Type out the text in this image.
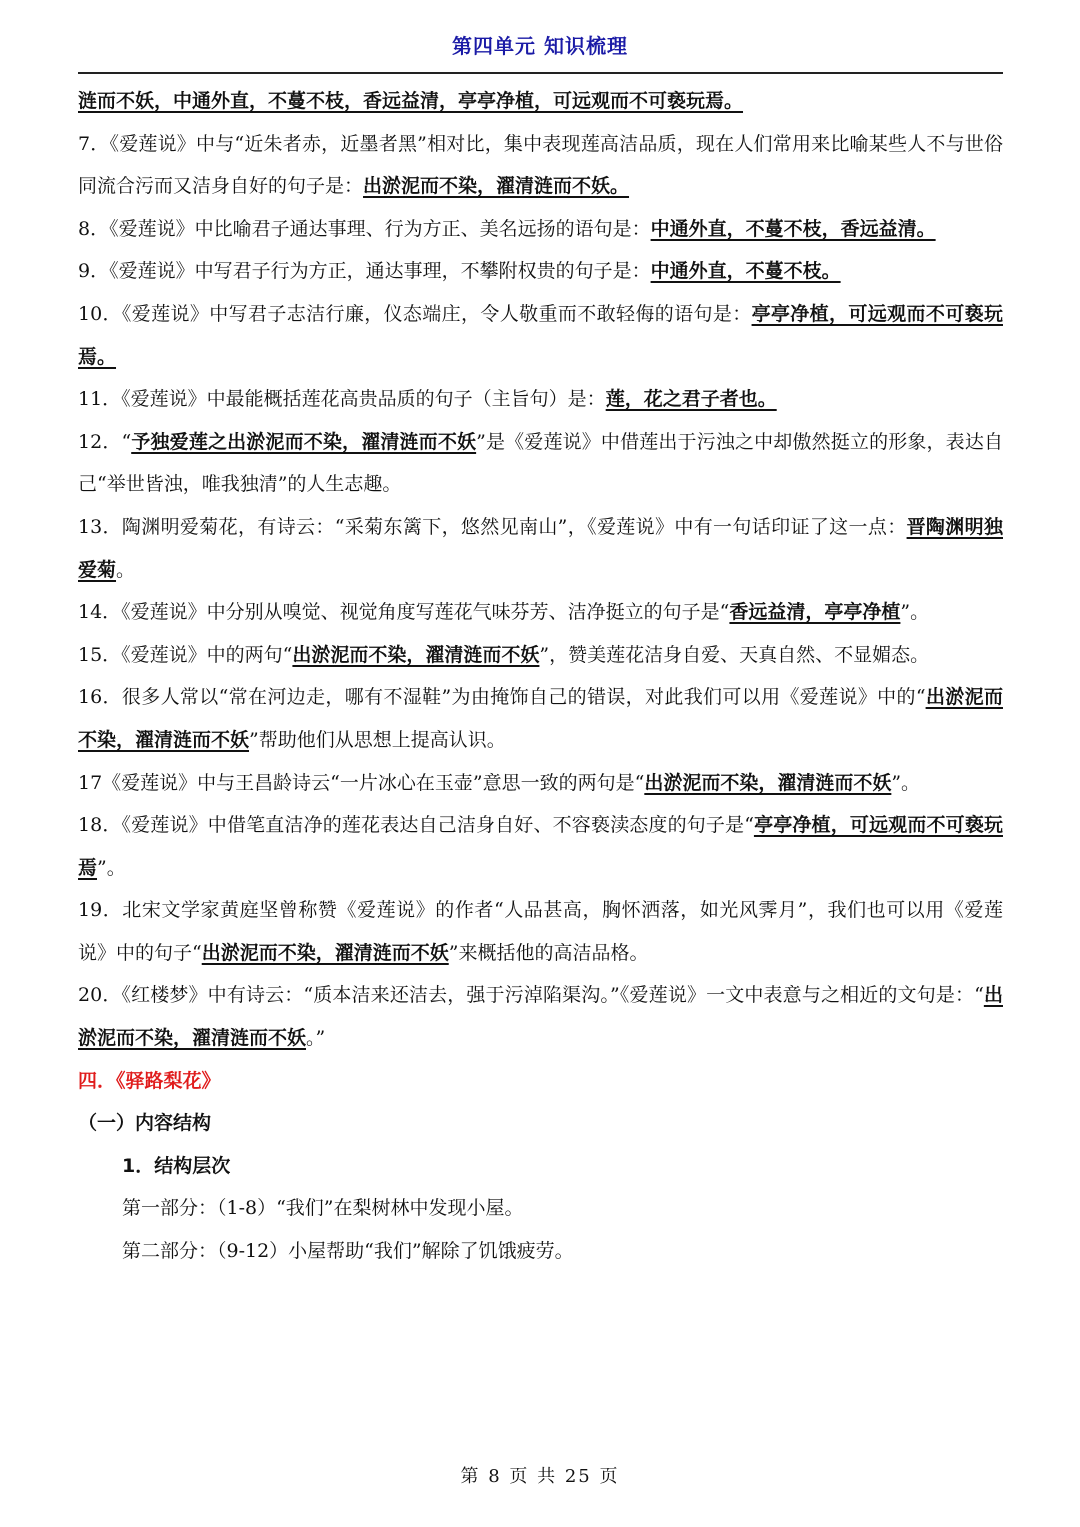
第四单元 知识梳理

涟而不妖，中通外直，不蔓不枝，香远益清，亭亭净植，可远观而不可亵玩焉。

7．《爱莲说》中与“近朱者赤，近墨者黑”相对比，集中表现莲高洁品质，现在人们常用来比喻某些人不与世俗同流合污而又洁身自好的句子是：出淤泥而不染，濯清涟而不妖。

8．《爱莲说》中比喻君子通达事理、行为方正、美名远扬的语句是：中通外直，不蔓不枝，香远益清。

9．《爱莲说》中写君子行为方正，通达事理，不攀附权贵的句子是：中通外直，不蔓不枝。

10．《爱莲说》中写君子志洁行廉，仪态端庄，令人敬重而不敢轻侮的语句是：亭亭净植，可远观而不可亵玩焉。

11．《爱莲说》中最能概括莲花高贵品质的句子（主旨句）是：莲，花之君子者也。

12．“予独爱莲之出淤泥而不染，濯清涟而不妖”是《爱莲说》中借莲出于污浊之中却傲然挺立的形象，表达自己“举世皆浊，唯我独清”的人生志趣。

13．陶渊明爱菊花，有诗云：“采菊东篱下，悠然见南山”，《爱莲说》中有一句话印证了这一点：晋陶渊明独爱菊。

14．《爱莲说》中分别从嗅觉、视觉角度写莲花气味芬芳、洁净挺立的句子是“香远益清，亭亭净植”。

15．《爱莲说》中的两句“出淤泥而不染，濯清涟而不妖”，赞美莲花洁身自爱、天真自然、不显媚态。

16．很多人常以“常在河边走，哪有不湿鞋”为由掩饰自己的错误，对此我们可以用《爱莲说》中的“出淤泥而不染，濯清涟而不妖”帮助他们从思想上提高认识。

17《爱莲说》中与王昌龄诗云“一片冰心在玉壶”意思一致的两句是“出淤泥而不染，濯清涟而不妖”。

18．《爱莲说》中借笔直洁净的莲花表达自己洁身自好、不容亵渎态度的句子是“亭亭净植，可远观而不可亵玩焉”。

19．北宋文学家黄庭坚曾称赞《爱莲说》的作者“人品甚高，胸怀洒落，如光风霁月”，我们也可以用《爱莲说》中的句子“出淤泥而不染，濯清涟而不妖”来概括他的高洁品格。

20．《红楼梦》中有诗云：“质本洁来还洁去，强于污淖陷渠沟。”《爱莲说》一文中表意与之相近的文句是：“出淤泥而不染，濯清涟而不妖。”

四．《驿路梨花》

（一）内容结构

1．结构层次

第一部分：（1-8）“我们”在梨树林中发现小屋。

第二部分：（9-12）小屋帮助“我们”解除了饥饿疲劳。

第 8 页 共 25 页
